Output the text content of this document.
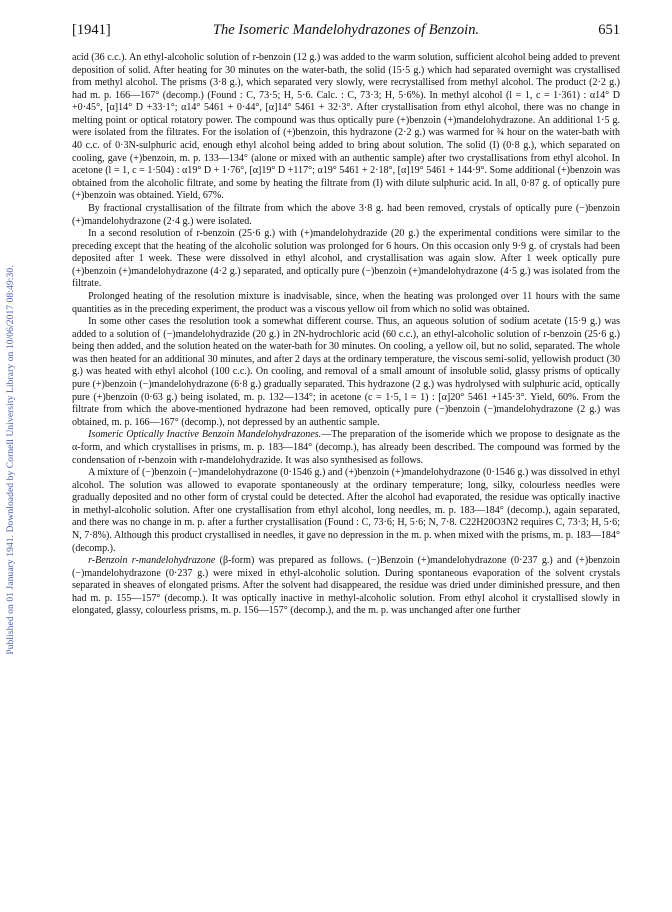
Published on 01 January 1941. Downloaded by Cornell University Library on 10/06/2017 08:49:30.
[1941]	The Isomeric Mandelohydrazones of Benzoin.	651

acid (36 c.c.). An ethyl-alcoholic solution of r-benzoin (12 g.) was added to the warm solution, sufficient alcohol being added to prevent deposition of solid. After heating for 30 minutes on the water-bath, the solid (15·5 g.) which had separated overnight was crystallised from methyl alcohol. The prisms (3·8 g.), which separated very slowly, were recrystallised from methyl alcohol. The product (2·2 g.) had m. p. 166—167° (decomp.) (Found : C, 73·5; H, 5·6. Calc. : C, 73·3; H, 5·6%). In methyl alcohol (l = 1, c = 1·361) : α14° D +0·45°, [α]14° D +33·1°; α14° 5461 + 0·44°, [α]14° 5461 + 32·3°. After crystallisation from ethyl alcohol, there was no change in melting point or optical rotatory power. The compound was thus optically pure (+)benzoin (+)mandelohydrazone. An additional 1·5 g. were isolated from the filtrates. For the isolation of (+)benzoin, this hydrazone (2·2 g.) was warmed for ¾ hour on the water-bath with 40 c.c. of 0·3N-sulphuric acid, enough ethyl alcohol being added to bring about solution. The solid (I) (0·8 g.), which separated on cooling, gave (+)benzoin, m. p. 133—134° (alone or mixed with an authentic sample) after two crystallisations from ethyl alcohol. In acetone (l = 1, c = 1·504) : α19° D + 1·76°, [α]19° D +117°; α19° 5461 + 2·18°, [α]19° 5461 + 144·9°. Some additional (+)benzoin was obtained from the alcoholic filtrate, and some by heating the filtrate from (I) with dilute sulphuric acid. In all, 0·87 g. of optically pure (+)benzoin was obtained. Yield, 67%.

By fractional crystallisation of the filtrate from which the above 3·8 g. had been removed, crystals of optically pure (−)benzoin (+)mandelohydrazone (2·4 g.) were isolated.

In a second resolution of r-benzoin (25·6 g.) with (+)mandelohydrazide (20 g.) the experimental conditions were similar to the preceding except that the heating of the alcoholic solution was prolonged for 6 hours. On this occasion only 9·9 g. of crystals had been deposited after 1 week. These were dissolved in ethyl alcohol, and crystallisation was again slow. After 1 week optically pure (+)benzoin (+)mandelohydrazone (4·2 g.) separated, and optically pure (−)benzoin (+)mandelohydrazone (4·5 g.) was isolated from the filtrate.

Prolonged heating of the resolution mixture is inadvisable, since, when the heating was prolonged over 11 hours with the same quantities as in the preceding experiment, the product was a viscous yellow oil from which no solid was obtained.

In some other cases the resolution took a somewhat different course. Thus, an aqueous solution of sodium acetate (15·9 g.) was added to a solution of (−)mandelohydrazide (20 g.) in 2N-hydrochloric acid (60 c.c.), an ethyl-alcoholic solution of r-benzoin (25·6 g.) being then added, and the solution heated on the water-bath for 30 minutes. On cooling, a yellow oil, but no solid, separated. The whole was then heated for an additional 30 minutes, and after 2 days at the ordinary temperature, the viscous semi-solid, yellowish product (30 g.) was heated with ethyl alcohol (100 c.c.). On cooling, and removal of a small amount of insoluble solid, glassy prisms of optically pure (+)benzoin (−)mandelohydrazone (6·8 g.) gradually separated. This hydrazone (2 g.) was hydrolysed with sulphuric acid, optically pure (+)benzoin (0·63 g.) being isolated, m. p. 132—134°; in acetone (c = 1·5, l = 1) : [α]20° 5461 +145·3°. Yield, 60%. From the filtrate from which the above-mentioned hydrazone had been removed, optically pure (−)benzoin (−)mandelohydrazone (2 g.) was obtained, m. p. 166—167° (decomp.), not depressed by an authentic sample.

Isomeric Optically Inactive Benzoin Mandelohydrazones.—The preparation of the isomeride which we propose to designate as the α-form, and which crystallises in prisms, m. p. 183—184° (decomp.), has already been described. The compound was formed by the condensation of r-benzoin with r-mandelohydrazide. It was also synthesised as follows.

A mixture of (−)benzoin (−)mandelohydrazone (0·1546 g.) and (+)benzoin (+)mandelohydrazone (0·1546 g.) was dissolved in ethyl alcohol. The solution was allowed to evaporate spontaneously at the ordinary temperature; long, silky, colourless needles were gradually deposited and no other form of crystal could be detected. After the alcohol had evaporated, the residue was optically inactive in methyl-alcoholic solution. After one crystallisation from ethyl alcohol, long needles, m. p. 183—184° (decomp.), again separated, and there was no change in m. p. after a further crystallisation (Found : C, 73·6; H, 5·6; N, 7·8. C22H20O3N2 requires C, 73·3; H, 5·6; N, 7·8%). Although this product crystallised in needles, it gave no depression in the m. p. when mixed with the prisms, m. p. 183—184° (decomp.).

r-Benzoin r-mandelohydrazone (β-form) was prepared as follows. (−)Benzoin (+)mandelohydrazone (0·237 g.) and (+)benzoin (−)mandelohydrazone (0·237 g.) were mixed in ethyl-alcoholic solution. During spontaneous evaporation of the solvent crystals separated in sheaves of elongated prisms. After the solvent had disappeared, the residue was dried under diminished pressure, and then had m. p. 155—157° (decomp.). It was optically inactive in methyl-alcoholic solution. From ethyl alcohol it crystallised slowly in elongated, glassy, colourless prisms, m. p. 156—157° (decomp.), and the m. p. was unchanged after one further
